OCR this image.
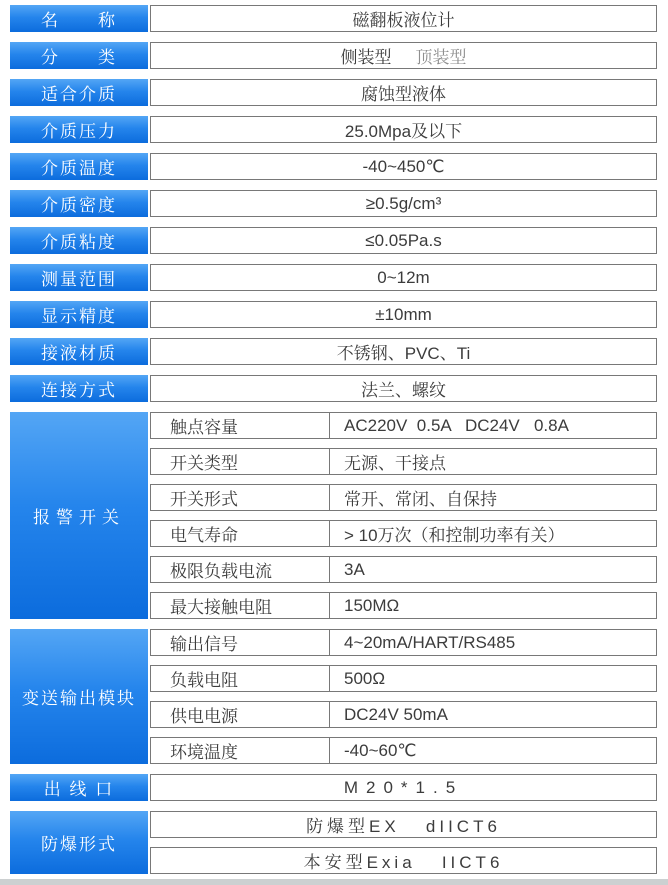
名　　称	磁翻板液位计
分　　类	侧装型 顶装型
适合介质	腐蚀型液体
介质压力	25.0Mpa及以下
介质温度	-40~450℃
介质密度	≥0.5g/cm³
介质粘度	≤0.05Pa.s
测量范围	0~12m
显示精度	±10mm
接液材质	不锈钢、PVC、Ti
连接方式	法兰、螺纹
报警开关
触点容量	AC220V  0.5A   DC24V   0.8A
开关类型	无源、干接点
开关形式	常开、常闭、自保持
电气寿命	> 10万次（和控制功率有关）
极限负载电流	3A
最大接触电阻	150MΩ
变送输出模块
输出信号	4~20mA/HART/RS485
负载电阻	500Ω
供电电源	DC24V 50mA
环境温度	-40~60℃
出 线 口	M20*1.5
防爆形式
防爆型EX   dIICT6
本安型Exia   IICT6
